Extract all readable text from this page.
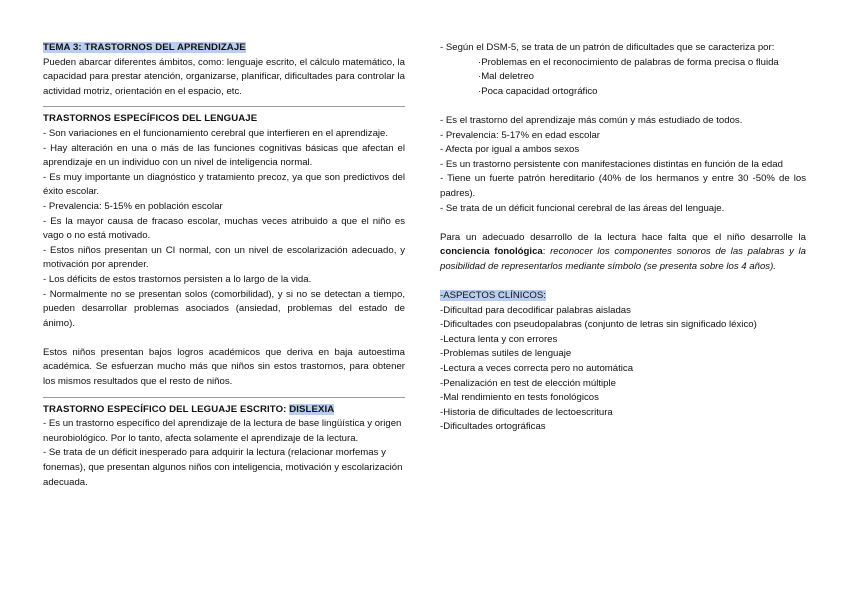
TEMA 3: TRASTORNOS DEL APRENDIZAJE

Pueden abarcar diferentes ámbitos, como: lenguaje escrito, el cálculo matemático, la capacidad para prestar atención, organizarse, planificar, dificultades para controlar la actividad motriz, orientación en el espacio, etc.

TRASTORNOS ESPECÍFICOS DEL LENGUAJE

- Son variaciones en el funcionamiento cerebral que interfieren en el aprendizaje.

- Hay alteración en una o más de las funciones cognitivas básicas que afectan el aprendizaje en un individuo con un nivel de inteligencia normal.

- Es muy importante un diagnóstico y tratamiento precoz, ya que son predictivos del éxito escolar.

- Prevalencia: 5-15% en población escolar

- Es la mayor causa de fracaso escolar, muchas veces atribuido a que el niño es vago o no está motivado.

- Estos niños presentan un CI normal, con un nivel de escolarización adecuado, y motivación por aprender.

- Los déficits de estos trastornos persisten a lo largo de la vida.

- Normalmente no se presentan solos (comorbilidad), y si no se detectan a tiempo, pueden desarrollar problemas asociados (ansiedad, problemas del estado de ánimo).

Estos niños presentan bajos logros académicos que deriva en baja autoestima académica. Se esfuerzan mucho más que niños sin estos trastornos, para obtener los mismos resultados que el resto de niños.

TRASTORNO ESPECÍFICO DEL LEGUAJE ESCRITO: DISLEXIA

- Es un trastorno específico del aprendizaje de la lectura de base lingüística y origen neurobiológico. Por lo tanto, afecta solamente el aprendizaje de la lectura.

- Se trata de un déficit inesperado para adquirir la lectura (relacionar morfemas y fonemas), que presentan algunos niños con inteligencia, motivación y escolarización adecuada.

- Según el DSM-5, se trata de un patrón de dificultades que se caracteriza por:

·Problemas en el reconocimiento de palabras de forma precisa o fluida

·Mal deletreo

·Poca capacidad ortográfico

- Es el trastorno del aprendizaje más común y más estudiado de todos.

- Prevalencia: 5-17% en edad escolar

- Afecta por igual a ambos sexos

- Es un trastorno persistente con manifestaciones distintas en función de la edad

- Tiene un fuerte patrón hereditario (40% de los hermanos y entre 30 -50% de los padres).

- Se trata de un déficit funcional cerebral de las áreas del lenguaje.

Para un adecuado desarrollo de la lectura hace falta que el niño desarrolle la conciencia fonológica: reconocer los componentes sonoros de las palabras y la posibilidad de representarlos mediante símbolo (se presenta sobre los 4 años).

-ASPECTOS CLÍNICOS:

-Dificultad para decodificar palabras aisladas

-Dificultades con pseudopalabras (conjunto de letras sin significado léxico)

-Lectura lenta y con errores

-Problemas sutiles de lenguaje

-Lectura a veces correcta pero no automática

-Penalización en test de elección múltiple

-Mal rendimiento en tests fonológicos

-Historia de dificultades de lectoescritura

-Dificultades ortográficas
